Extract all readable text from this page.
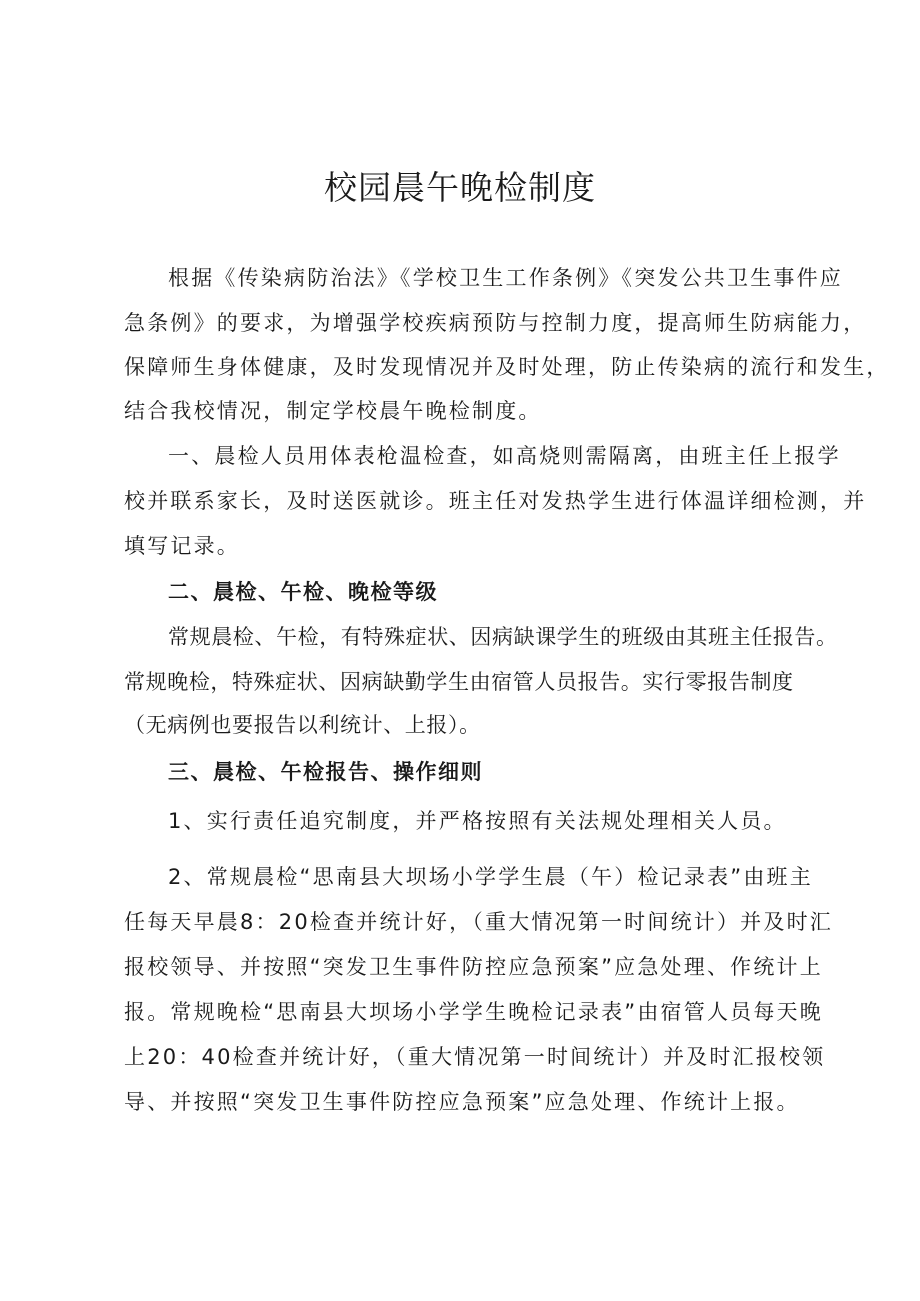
校园晨午晚检制度

根据《传染病防治法》《学校卫生工作条例》《突发公共卫生事件应

急条例》的要求，为增强学校疾病预防与控制力度，提高师生防病能力，

保障师生身体健康，及时发现情况并及时处理，防止传染病的流行和发生，

结合我校情况，制定学校晨午晚检制度。

一、晨检人员用体表枪温检查，如高烧则需隔离，由班主任上报学

校并联系家长，及时送医就诊。班主任对发热学生进行体温详细检测，并

填写记录。

二、晨检、午检、晚检等级

常规晨检、午检，有特殊症状、因病缺课学生的班级由其班主任报告。

常规晚检，特殊症状、因病缺勤学生由宿管人员报告。实行零报告制度

（无病例也要报告以利统计、上报）。

三、晨检、午检报告、操作细则

1、实行责任追究制度，并严格按照有关法规处理相关人员。

2、常规晨检“思南县大坝场小学学生晨（午）检记录表”由班主

任每天早晨8：20检查并统计好，（重大情况第一时间统计）并及时汇

报校领导、并按照“突发卫生事件防控应急预案”应急处理、作统计上

报。常规晚检“思南县大坝场小学学生晚检记录表”由宿管人员每天晚

上20：40检查并统计好，（重大情况第一时间统计）并及时汇报校领

导、并按照“突发卫生事件防控应急预案”应急处理、作统计上报。
